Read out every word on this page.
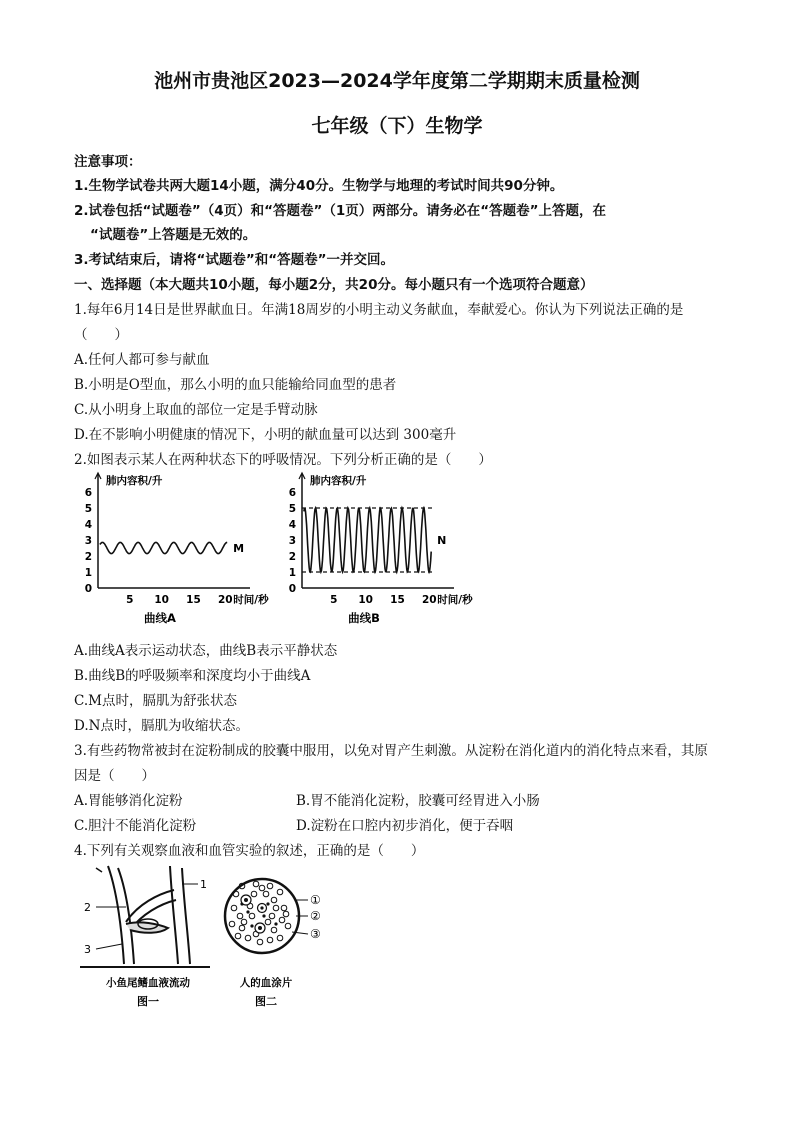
池州市贵池区2023—2024学年度第二学期期末质量检测
七年级（下）生物学
注意事项：
1.生物学试卷共两大题14小题，满分40分。生物学与地理的考试时间共90分钟。
2.试卷包括“试题卷”（4页）和“答题卷”（1页）两部分。请务必在“答题卷”上答题，在
“试题卷”上答题是无效的。
3.考试结束后，请将“试题卷”和“答题卷”一并交回。
一、选择题（本大题共10小题，每小题2分，共20分。每小题只有一个选项符合题意）
1.每年6月14日是世界献血日。年满18周岁的小明主动义务献血，奉献爱心。你认为下列说法正确的是
（　　）
A.任何人都可参与献血
B.小明是O型血，那么小明的血只能输给同血型的患者
C.从小明身上取血的部位一定是手臂动脉
D.在不影响小明健康的情况下，小明的献血量可以达到 300毫升
2.如图表示某人在两种状态下的呼吸情况。下列分析正确的是（　　）
肺内容积/升
0
1
2
3
4
5
6
5 10 15 20 时间/秒
曲线A
M
肺内容积/升
0
1
2
3
4
5
6
5 10 15 20 时间/秒
曲线B
N
A.曲线A表示运动状态，曲线B表示平静状态
B.曲线B的呼吸频率和深度均小于曲线A
C.M点时，膈肌为舒张状态
D.N点时，膈肌为收缩状态。
3.有些药物常被封在淀粉制成的胶囊中服用，以免对胃产生刺激。从淀粉在消化道内的消化特点来看，其原
因是（　　）
A.胃能够消化淀粉	B.胃不能消化淀粉，胶囊可经胃进入小肠
C.胆汁不能消化淀粉	D.淀粉在口腔内初步消化，便于吞咽
4.下列有关观察血液和血管实验的叙述，正确的是（　　）
1
2
3
小鱼尾鳍血液流动
图一
①
②
③
人的血涂片
图二
